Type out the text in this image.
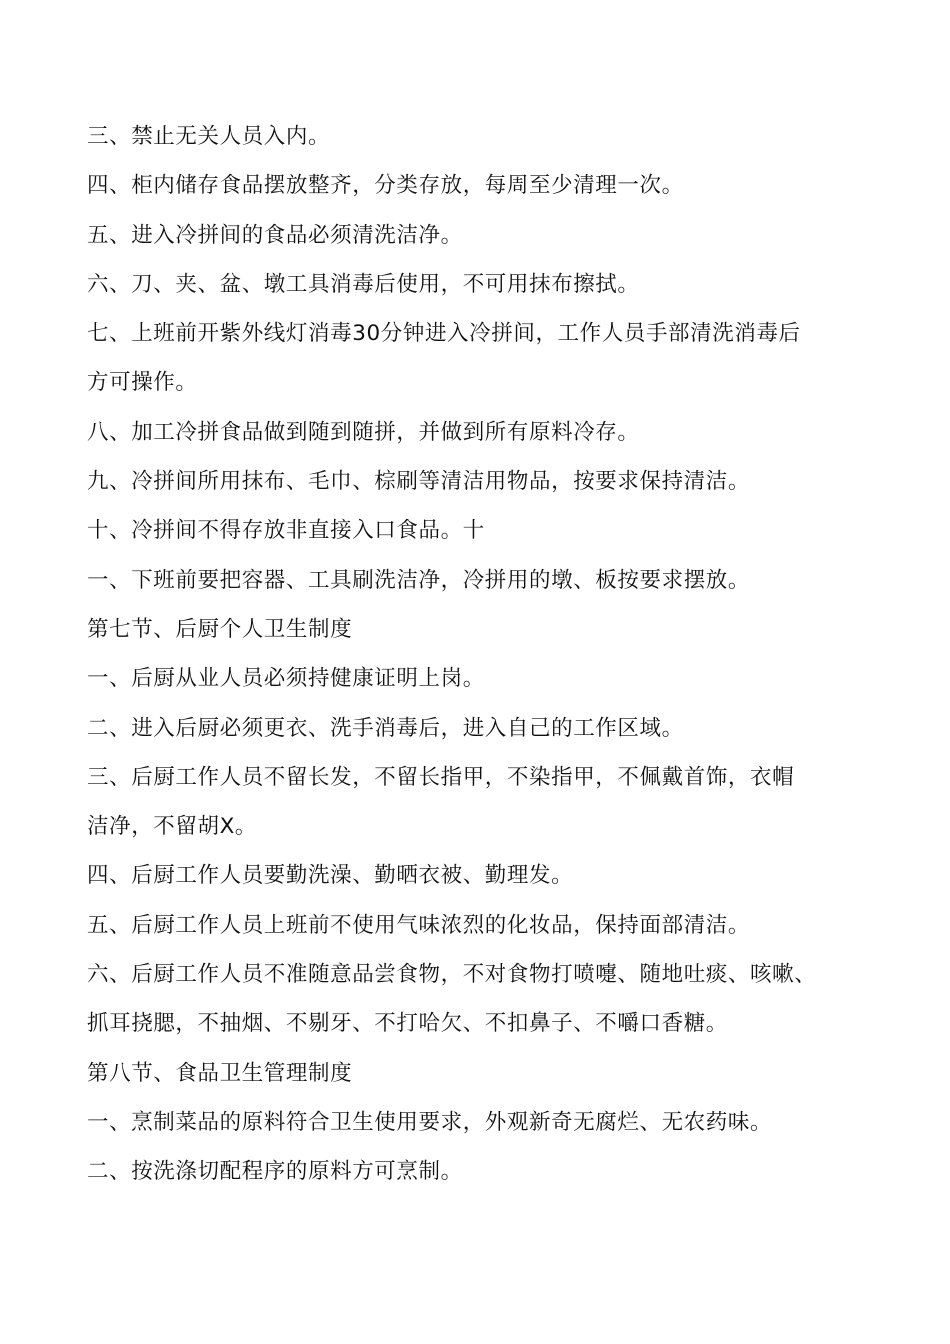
三、禁止无关人员入内。
四、柜内储存食品摆放整齐，分类存放，每周至少清理一次。
五、进入冷拼间的食品必须清洗洁净。
六、刀、夹、盆、墩工具消毒后使用，不可用抹布擦拭。
七、上班前开紫外线灯消毒30分钟进入冷拼间，工作人员手部清洗消毒后
方可操作。
八、加工冷拼食品做到随到随拼，并做到所有原料冷存。
九、冷拼间所用抹布、毛巾、棕刷等清洁用物品，按要求保持清洁。
十、冷拼间不得存放非直接入口食品。十
一、下班前要把容器、工具刷洗洁净，冷拼用的墩、板按要求摆放。
第七节、后厨个人卫生制度
一、后厨从业人员必须持健康证明上岗。
二、进入后厨必须更衣、洗手消毒后，进入自己的工作区域。
三、后厨工作人员不留长发，不留长指甲，不染指甲，不佩戴首饰，衣帽
洁净，不留胡X。
四、后厨工作人员要勤洗澡、勤晒衣被、勤理发。
五、后厨工作人员上班前不使用气味浓烈的化妆品，保持面部清洁。
六、后厨工作人员不准随意品尝食物，不对食物打喷嚏、随地吐痰、咳嗽、
抓耳挠腮，不抽烟、不剔牙、不打哈欠、不扣鼻子、不嚼口香糖。
第八节、食品卫生管理制度
一、烹制菜品的原料符合卫生使用要求，外观新奇无腐烂、无农药味。
二、按洗涤切配程序的原料方可烹制。
